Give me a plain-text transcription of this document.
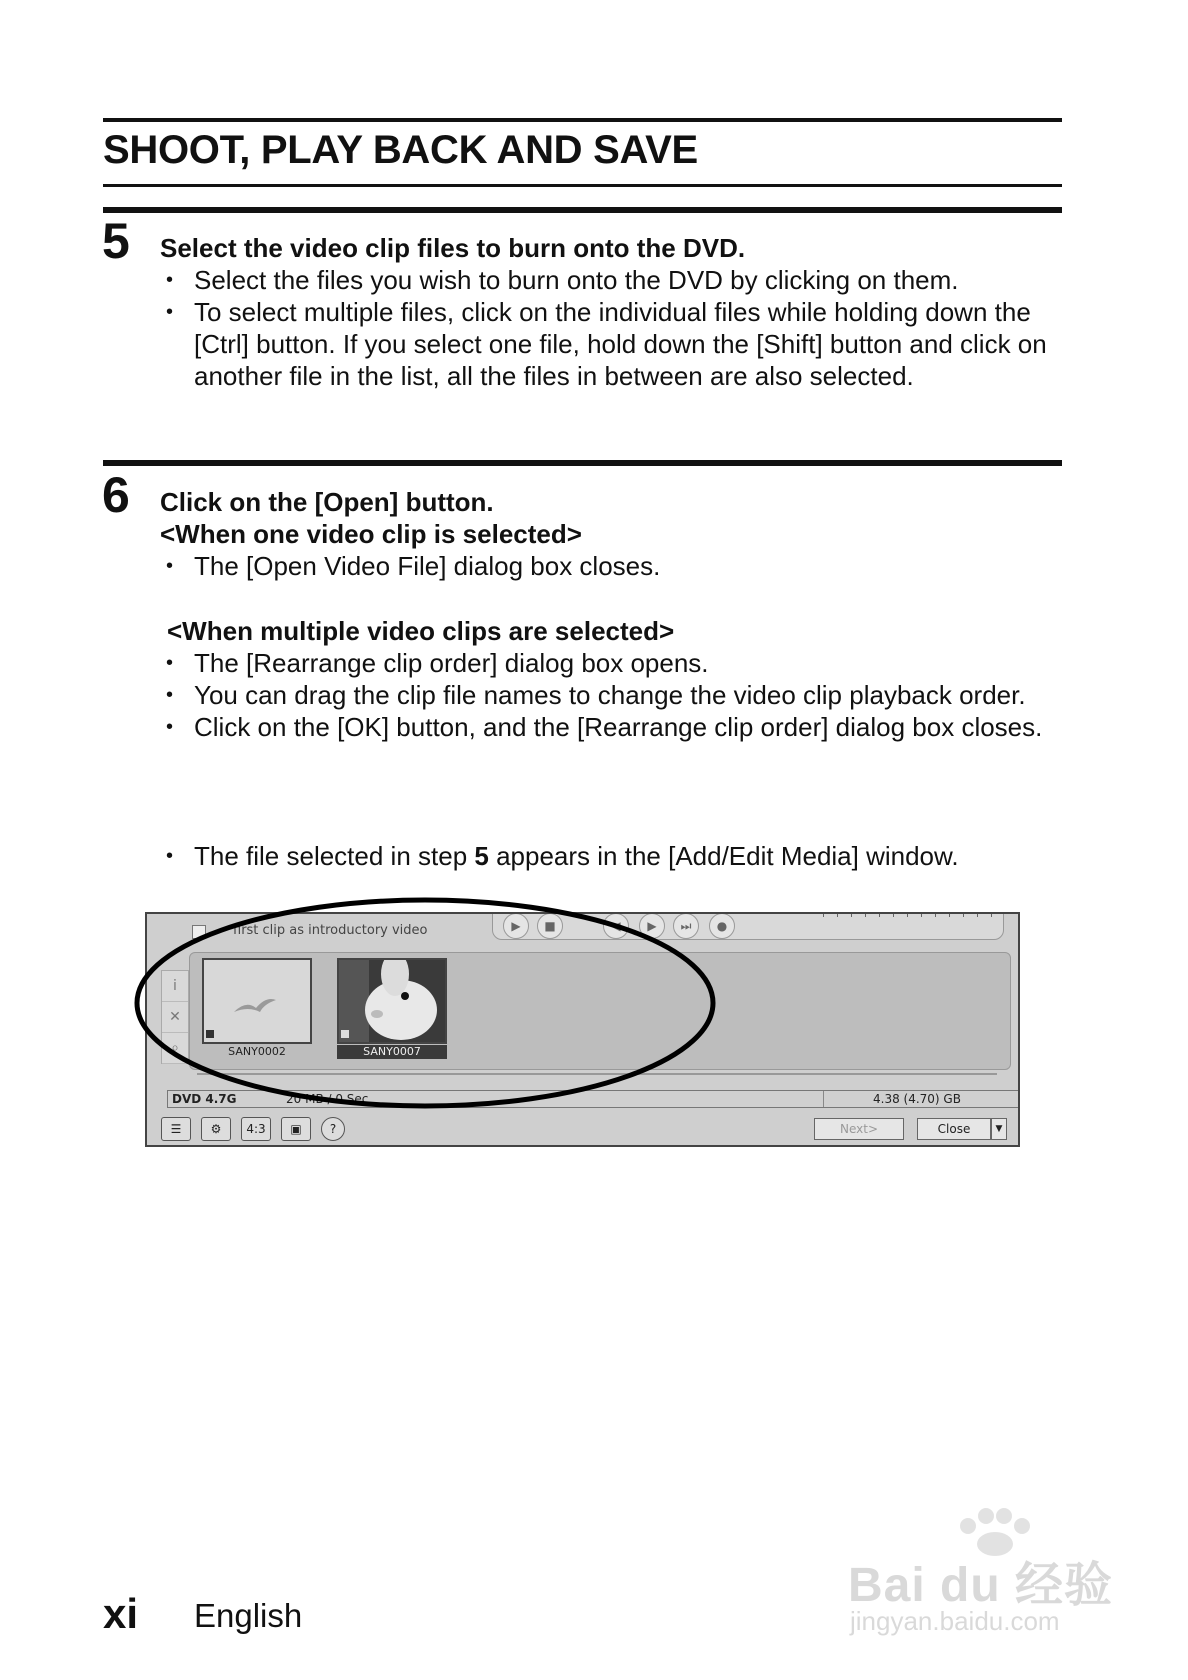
SHOOT, PLAY BACK AND SAVE
5 Select the video clip files to burn onto the DVD.
• Select the files you wish to burn onto the DVD by clicking on them.
• To select multiple files, click on the individual files while holding down the [Ctrl] button. If you select one file, hold down the [Shift] button and click on another file in the list, all the files in between are also selected.
6 Click on the [Open] button.
<When one video clip is selected>
• The [Open Video File] dialog box closes.
<When multiple video clips are selected>
• The [Rearrange clip order] dialog box opens.
• You can drag the clip file names to change the video clip playback order.
• Click on the [OK] button, and the [Rearrange clip order] dialog box closes.
• The file selected in step 5 appears in the [Add/Edit Media] window.
first clip as introductory video	▶	■	◀	▶	⏭	●
i
✕
⌕	SANY0002	SANY0007
DVD 4.7G	20 MB / 0 Sec	4.38 (4.70) GB
☰	⚙	4:3	▣	?	Next>	Close	▼
xi English
Bai du 经验
jingyan.baidu.com
